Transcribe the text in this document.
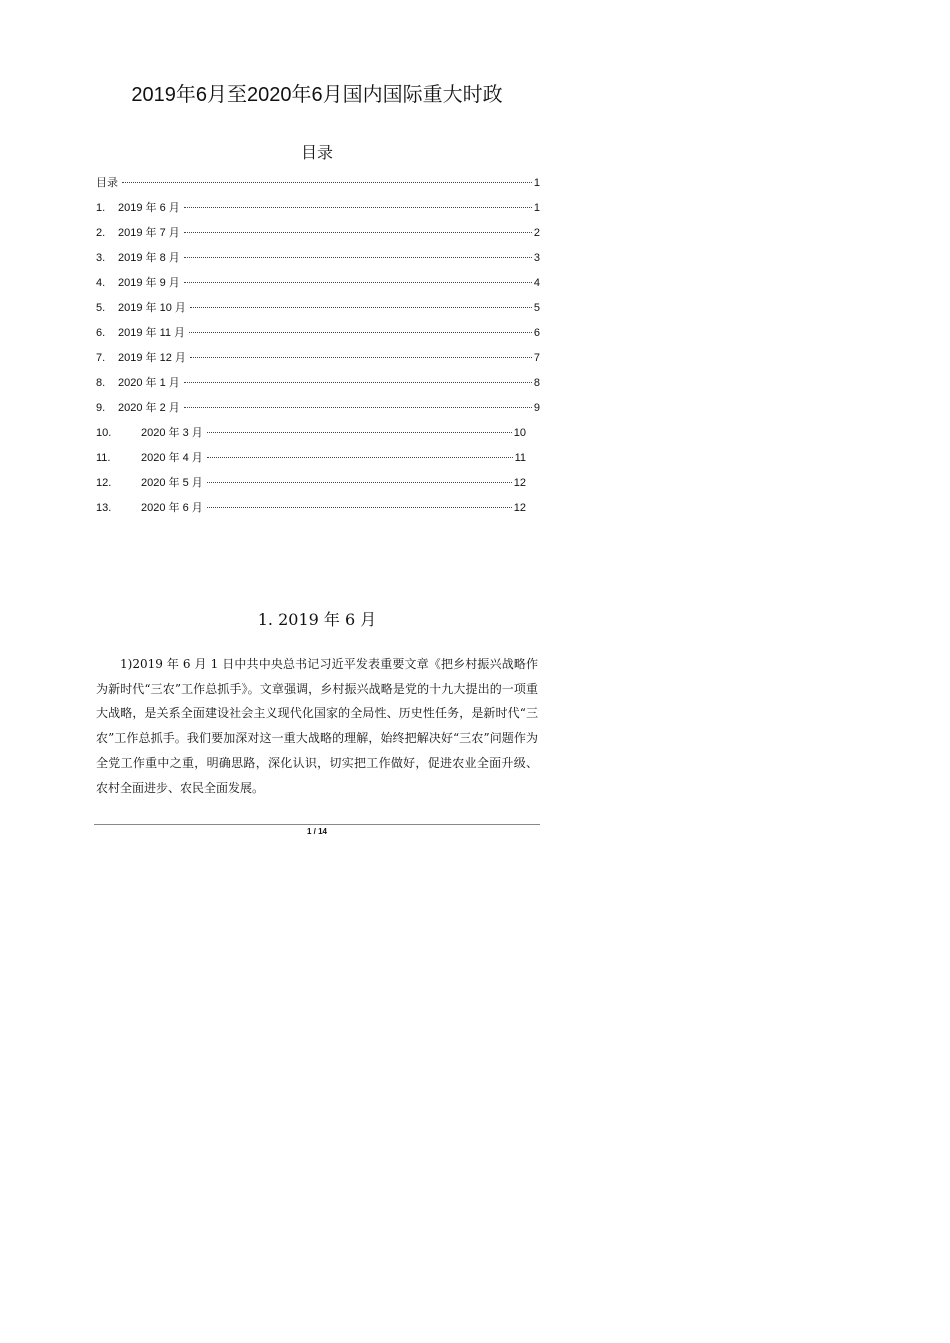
2019年6月至2020年6月国内国际重大时政
目录
目录	1
1.	2019 年 6 月	1
2.	2019 年 7 月	2
3.	2019 年 8 月	3
4.	2019 年 9 月	4
5.	2019 年 10 月	5
6.	2019 年 11 月	6
7.	2019 年 12 月	7
8.	2020 年 1 月	8
9.	2020 年 2 月	9
10.	2020 年 3 月	10
11.	2020 年 4 月	11
12.	2020 年 5 月	12
13.	2020 年 6 月	12
1. 2019 年 6 月
1)2019 年 6 月 1 日中共中央总书记习近平发表重要文章《把乡村振兴战略作为新时代“三农”工作总抓手》。文章强调，乡村振兴战略是党的十九大提出的一项重大战略，是关系全面建设社会主义现代化国家的全局性、历史性任务，是新时代“三农”工作总抓手。我们要加深对这一重大战略的理解，始终把解决好“三农”问题作为全党工作重中之重，明确思路，深化认识，切实把工作做好，促进农业全面升级、农村全面进步、农民全面发展。
1 / 14
